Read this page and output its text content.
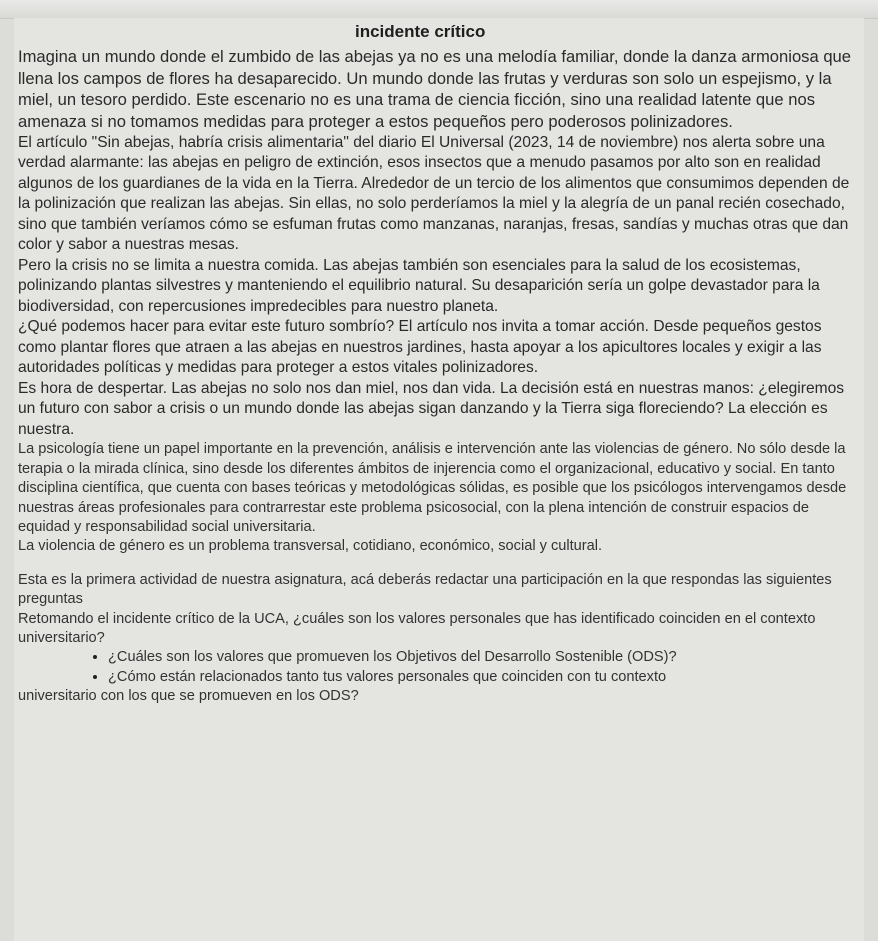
incidente crítico

Imagina un mundo donde el zumbido de las abejas ya no es una melodía familiar, donde la danza armoniosa que llena los campos de flores ha desaparecido. Un mundo donde las frutas y verduras son solo un espejismo, y la miel, un tesoro perdido. Este escenario no es una trama de ciencia ficción, sino una realidad latente que nos amenaza si no tomamos medidas para proteger a estos pequeños pero poderosos polinizadores.

El artículo "Sin abejas, habría crisis alimentaria" del diario El Universal (2023, 14 de noviembre) nos alerta sobre una verdad alarmante: las abejas en peligro de extinción, esos insectos que a menudo pasamos por alto son en realidad algunos de los guardianes de la vida en la Tierra. Alrededor de un tercio de los alimentos que consumimos dependen de la polinización que realizan las abejas. Sin ellas, no solo perderíamos la miel y la alegría de un panal recién cosechado, sino que también veríamos cómo se esfuman frutas como manzanas, naranjas, fresas, sandías y muchas otras que dan color y sabor a nuestras mesas.

Pero la crisis no se limita a nuestra comida. Las abejas también son esenciales para la salud de los ecosistemas, polinizando plantas silvestres y manteniendo el equilibrio natural. Su desaparición sería un golpe devastador para la biodiversidad, con repercusiones impredecibles para nuestro planeta.

¿Qué podemos hacer para evitar este futuro sombrío? El artículo nos invita a tomar acción. Desde pequeños gestos como plantar flores que atraen a las abejas en nuestros jardines, hasta apoyar a los apicultores locales y exigir a las autoridades políticas y medidas para proteger a estos vitales polinizadores.

Es hora de despertar. Las abejas no solo nos dan miel, nos dan vida. La decisión está en nuestras manos: ¿elegiremos un futuro con sabor a crisis o un mundo donde las abejas sigan danzando y la Tierra siga floreciendo? La elección es nuestra.

La psicología tiene un papel importante en la prevención, análisis e intervención ante las violencias de género. No sólo desde la terapia o la mirada clínica, sino desde los diferentes ámbitos de injerencia como el organizacional, educativo y social. En tanto disciplina científica, que cuenta con bases teóricas y metodológicas sólidas, es posible que los psicólogos intervengamos desde nuestras áreas profesionales para contrarrestar este problema psicosocial, con la plena intención de construir espacios de equidad y responsabilidad social universitaria.

La violencia de género es un problema transversal, cotidiano, económico, social y cultural.

Esta es la primera actividad de nuestra asignatura, acá deberás redactar una participación en la que respondas las siguientes preguntas

Retomando el incidente crítico de la UCA, ¿cuáles son los valores personales que has identificado coinciden en el contexto universitario?

• ¿Cuáles son los valores que promueven los Objetivos del Desarrollo Sostenible (ODS)?
• ¿Cómo están relacionados tanto tus valores personales que coinciden con tu contexto

universitario con los que se promueven en los ODS?
